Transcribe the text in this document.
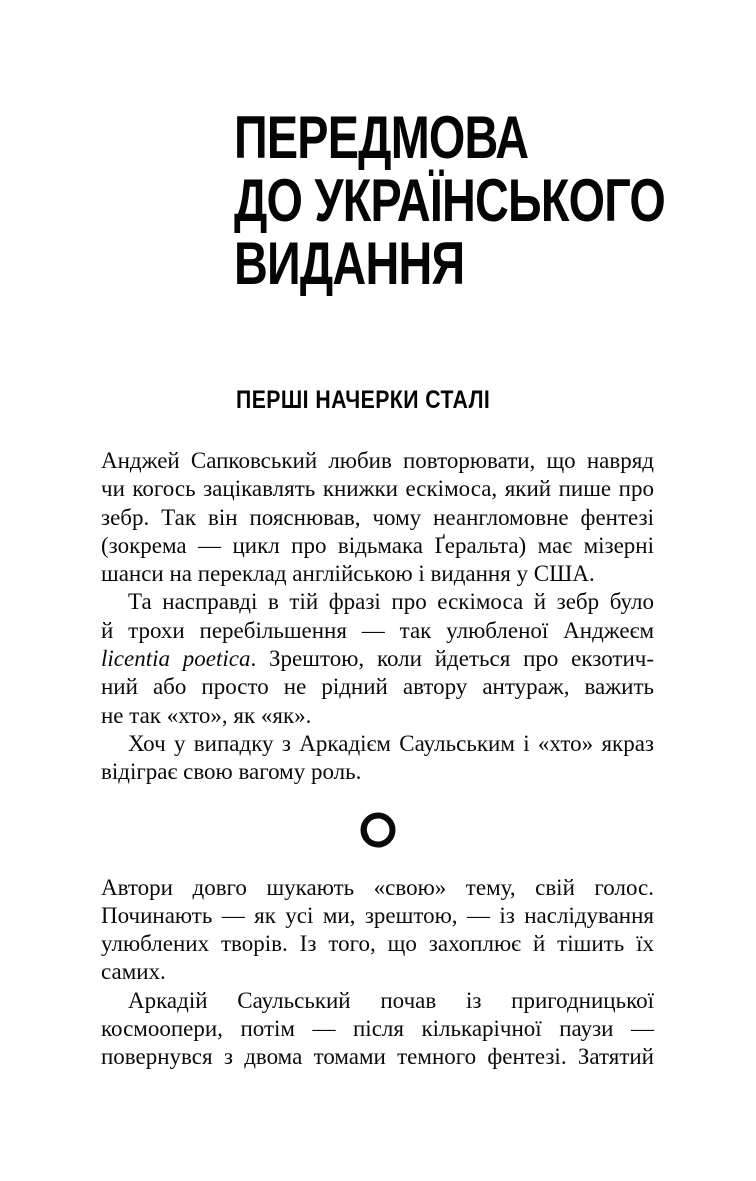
ПЕРЕДМОВА
ДО УКРАЇНСЬКОГО
ВИДАННЯ
ПЕРШІ НАЧЕРКИ СТАЛІ
Анджей Сапковський любив повторювати, що навряд
чи когось зацікавлять книжки ескімоса, який пише про
зебр. Так він пояснював, чому неангломовне фентезі
(зокрема — цикл про відьмака Ґеральта) має мізерні
шанси на переклад англійською і видання у США.
Та насправді в тій фразі про ескімоса й зебр було
й трохи перебільшення — так улюбленої Анджеєм
licentia poetica. Зрештою, коли йдеться про екзотич-
ний або просто не рідний автору антураж, важить
не так «хто», як «як».
Хоч у випадку з Аркадієм Саульським і «хто» якраз
відіграє свою вагому роль.
Автори довго шукають «свою» тему, свій голос.
Починають — як усі ми, зрештою, — із наслідування
улюблених творів. Із того, що захоплює й тішить їх
самих.
Аркадій Саульський почав із пригодницької
космоопери, потім — після кількарічної паузи —
повернувся з двома томами темного фентезі. Затятий
